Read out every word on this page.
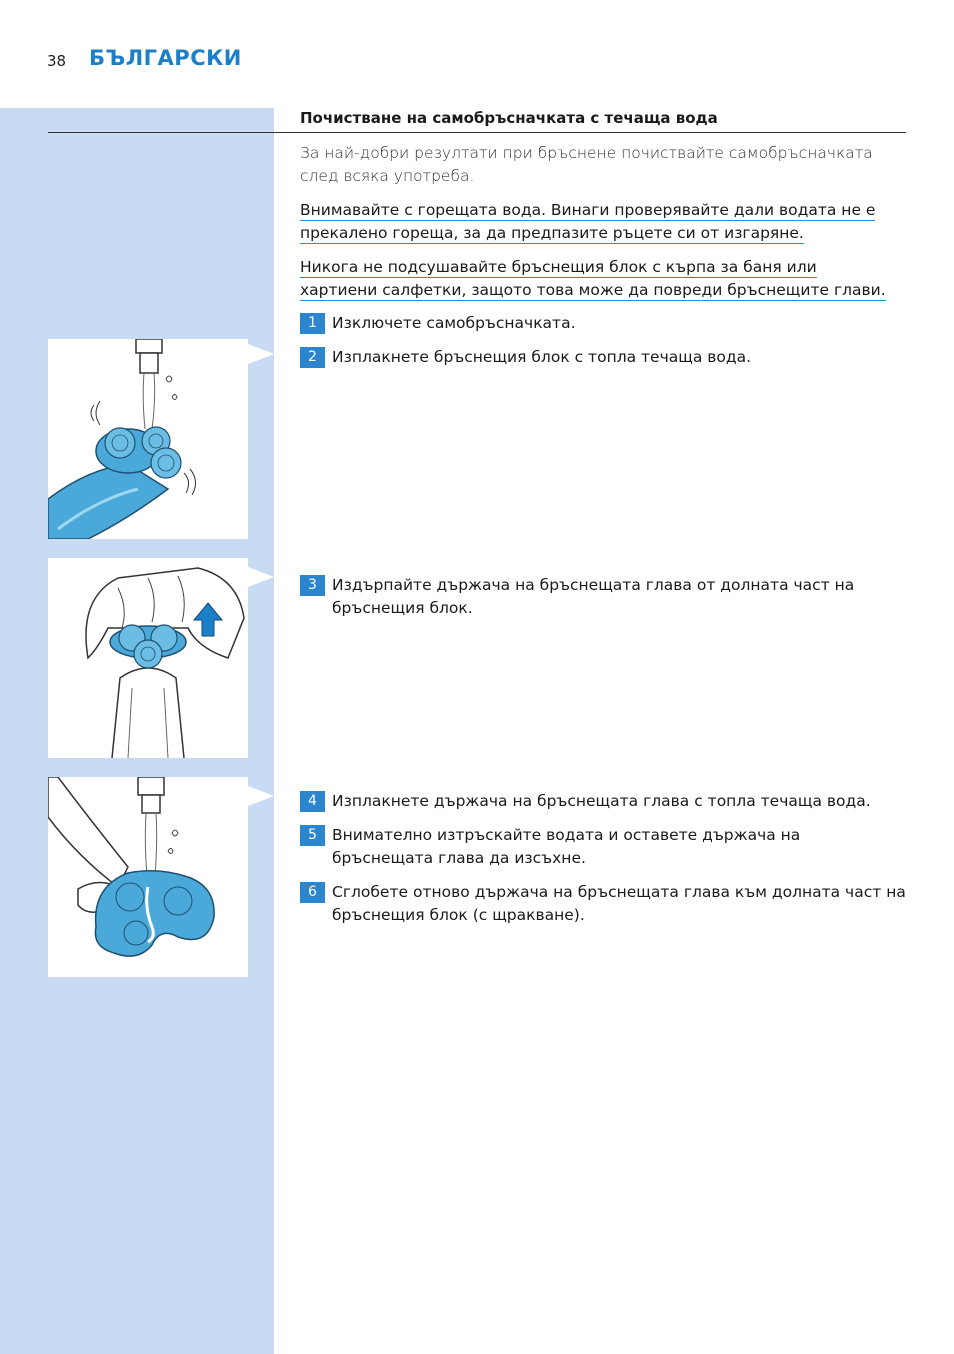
38 БЪЛГАРСКИ
Почистване на самобръсначката с течаща вода

За най-добри резултати при бръснене почиствайте самобръсначката след всяка употреба.

Внимавайте с горещата вода. Винаги проверявайте дали водата не е
прекалено гореща, за да предпазите ръцете си от изгаряне.

Никога не подсушавайте бръснещия блок с кърпа за баня или
хартиени салфетки, защото това може да повреди бръснещите глави.

1 Изключете самобръсначката.
2 Изплакнете бръснещия блок с топла течаща вода.
3 Издърпайте държача на бръснещата глава от долната част на бръснещия блок.
4 Изплакнете държача на бръснещата глава с топла течаща вода.
5 Внимателно изтръскайте водата и оставете държача на бръснещата глава да изсъхне.
6 Сглобете отново държача на бръснещата глава към долната част на бръснещия блок (с щракване).
